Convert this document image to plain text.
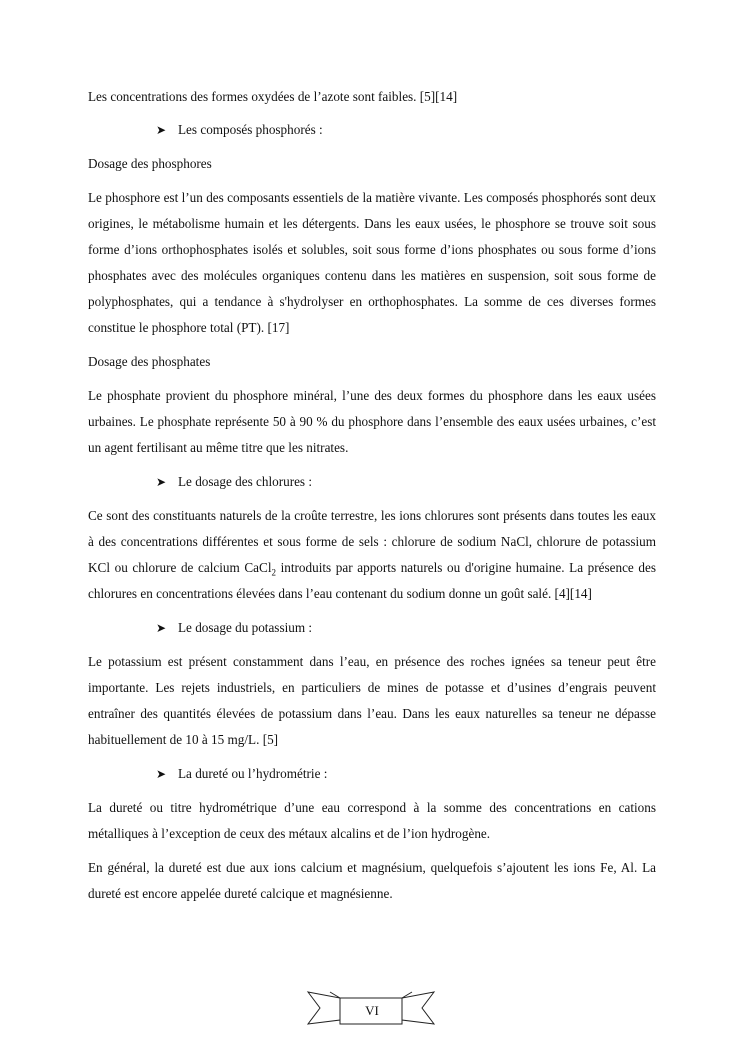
Les concentrations des formes oxydées de l’azote sont faibles. [5][14]

➤ Les composés phosphorés :

Dosage des phosphores

Le phosphore est l’un des composants essentiels de la matière vivante. Les composés phosphorés sont deux origines, le métabolisme humain et les détergents. Dans les eaux usées, le phosphore se trouve soit sous forme d’ions orthophosphates isolés et solubles, soit sous forme d’ions phosphates ou sous forme d’ions phosphates avec des molécules organiques contenu dans les matières en suspension, soit sous forme de polyphosphates, qui a tendance à s'hydrolyser en orthophosphates. La somme de ces diverses formes constitue le phosphore total (PT). [17]

Dosage des phosphates

Le phosphate provient du phosphore minéral, l’une des deux formes du phosphore dans les eaux usées urbaines. Le phosphate représente 50 à 90 % du phosphore dans l’ensemble des eaux usées urbaines, c’est un agent fertilisant au même titre que les nitrates.

➤ Le dosage des chlorures :

Ce sont des constituants naturels de la croûte terrestre, les ions chlorures sont présents dans toutes les eaux à des concentrations différentes et sous forme de sels : chlorure de sodium NaCl, chlorure de potassium KCl ou chlorure de calcium CaCl$_2$ introduits par apports naturels ou d'origine humaine. La présence des chlorures en concentrations élevées dans l’eau contenant du sodium donne un goût salé. [4][14]

➤ Le dosage du potassium :

Le potassium est présent constamment dans l’eau, en présence des roches ignées sa teneur peut être importante. Les rejets industriels, en particuliers de mines de potasse et d’usines d’engrais peuvent entraîner des quantités élevées de potassium dans l’eau. Dans les eaux naturelles sa teneur ne dépasse habituellement de 10 à 15 mg/L. [5]

➤ La dureté ou l’hydrométrie :

La dureté ou titre hydrométrique d’une eau correspond à la somme des concentrations en cations métalliques à l’exception de ceux des métaux alcalins et de l’ion hydrogène.

En général, la dureté est due aux ions calcium et magnésium, quelquefois s’ajoutent les ions Fe, Al. La dureté est encore appelée dureté calcique et magnésienne.

VI
